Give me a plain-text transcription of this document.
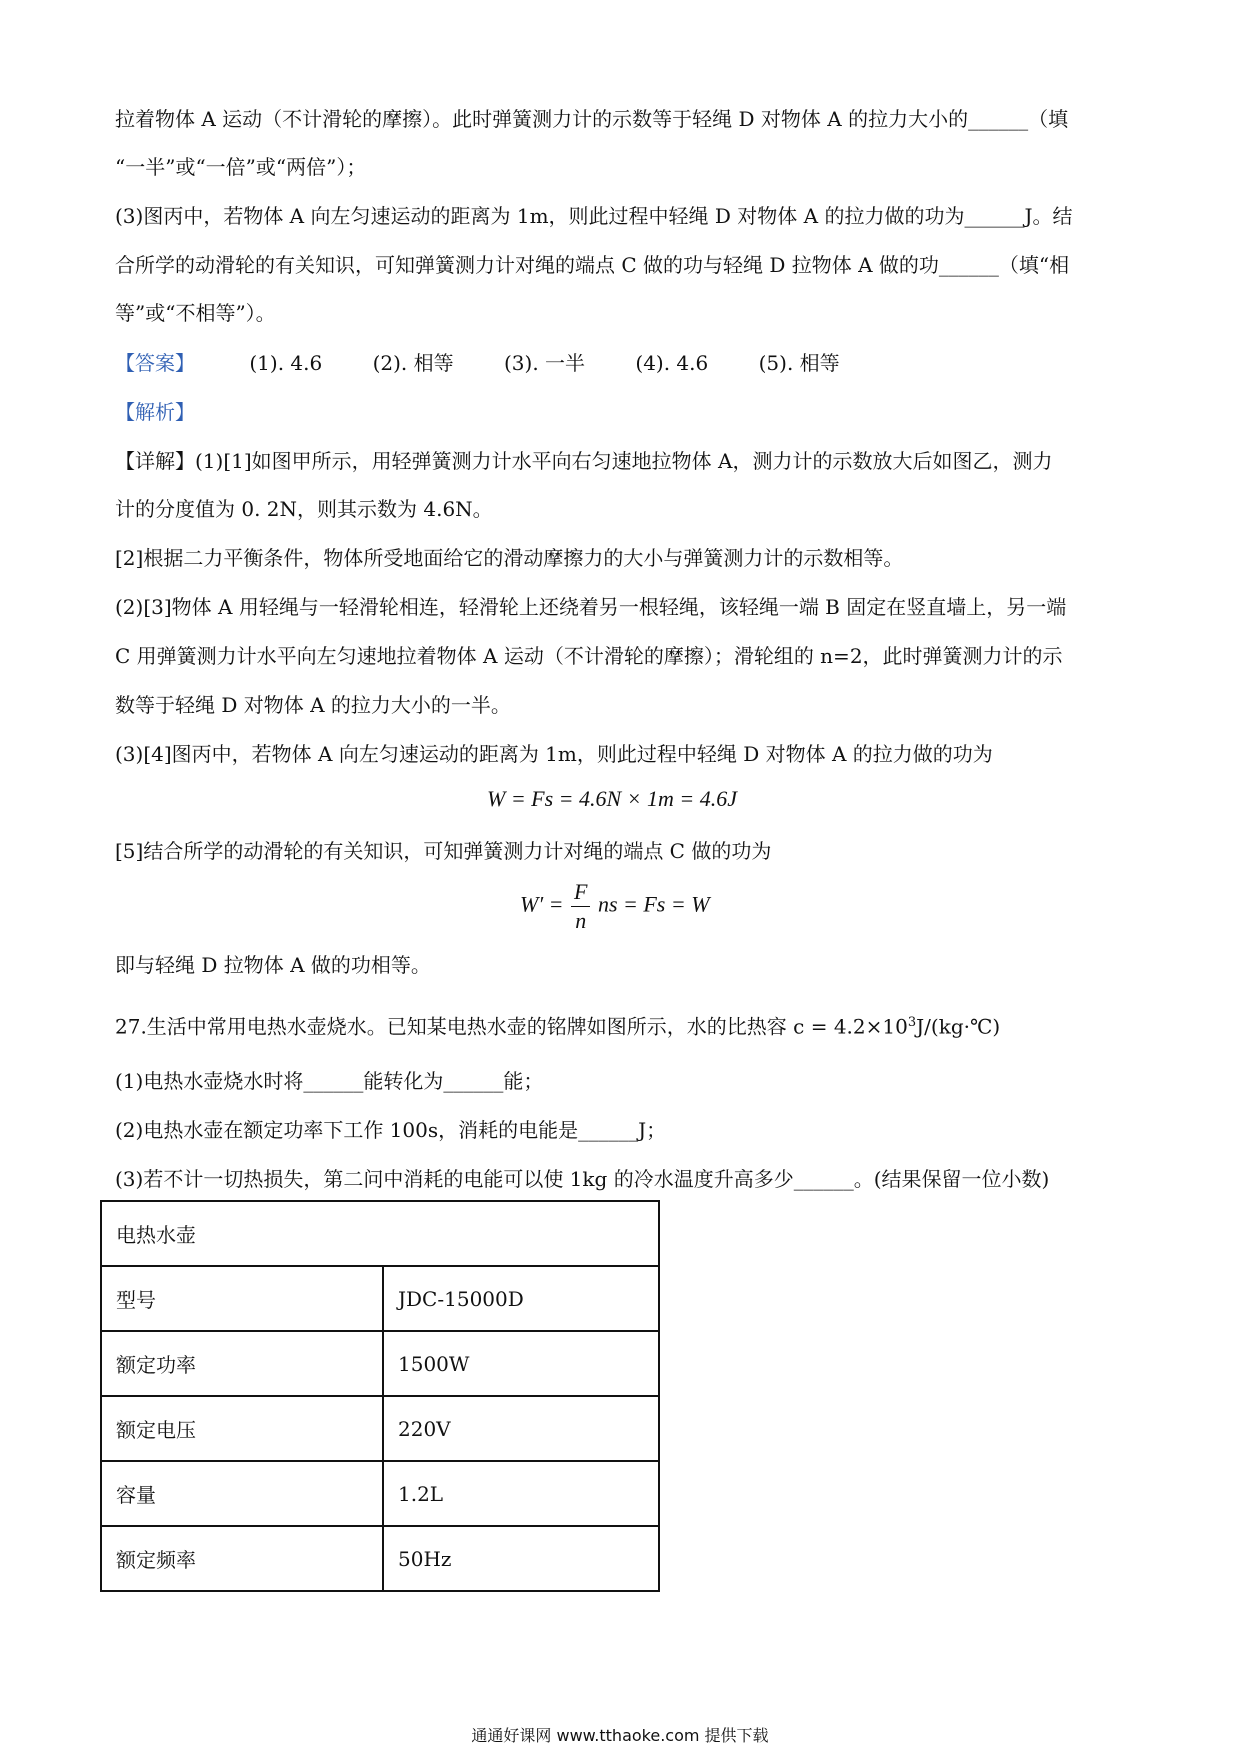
拉着物体 A 运动（不计滑轮的摩擦）。此时弹簧测力计的示数等于轻绳 D 对物体 A 的拉力大小的______（填
“一半”或“一倍”或“两倍”）；
(3)图丙中，若物体 A 向左匀速运动的距离为 1m，则此过程中轻绳 D 对物体 A 的拉力做的功为______J。结
合所学的动滑轮的有关知识，可知弹簧测力计对绳的端点 C 做的功与轻绳 D 拉物体 A 做的功______（填“相
等”或“不相等”）。
【答案】	(1). 4.6	(2). 相等	(3). 一半	(4). 4.6	(5). 相等
【解析】
【详解】(1)[1]如图甲所示，用轻弹簧测力计水平向右匀速地拉物体 A，测力计的示数放大后如图乙，测力
计的分度值为 0. 2N，则其示数为 4.6N。
[2]根据二力平衡条件，物体所受地面给它的滑动摩擦力的大小与弹簧测力计的示数相等。
(2)[3]物体 A 用轻绳与一轻滑轮相连，轻滑轮上还绕着另一根轻绳，该轻绳一端 B 固定在竖直墙上，另一端
C 用弹簧测力计水平向左匀速地拉着物体 A 运动（不计滑轮的摩擦）；滑轮组的 n=2，此时弹簧测力计的示
数等于轻绳 D 对物体 A 的拉力大小的一半。
(3)[4]图丙中，若物体 A 向左匀速运动的距离为 1m，则此过程中轻绳 D 对物体 A 的拉力做的功为
W = Fs = 4.6N × 1m = 4.6J
[5]结合所学的动滑轮的有关知识，可知弹簧测力计对绳的端点 C 做的功为
$W' = \frac{F}{n}$ ns = Fs = W
即与轻绳 D 拉物体 A 做的功相等。
27.生活中常用电热水壶烧水。已知某电热水壶的铭牌如图所示，水的比热容 $c = 4.2\times 10^3J/(kg\cdot℃)$
(1)电热水壶烧水时将______能转化为______能；
(2)电热水壶在额定功率下工作 100s，消耗的电能是______J；
(3)若不计一切热损失，第二问中消耗的电能可以使 1kg 的冷水温度升高多少______。(结果保留一位小数)
电热水壶	
型号	JDC-15000D
额定功率	1500W
额定电压	220V
容量	1.2L
额定频率	50Hz
通通好课网 www.tthaoke.com 提供下载
